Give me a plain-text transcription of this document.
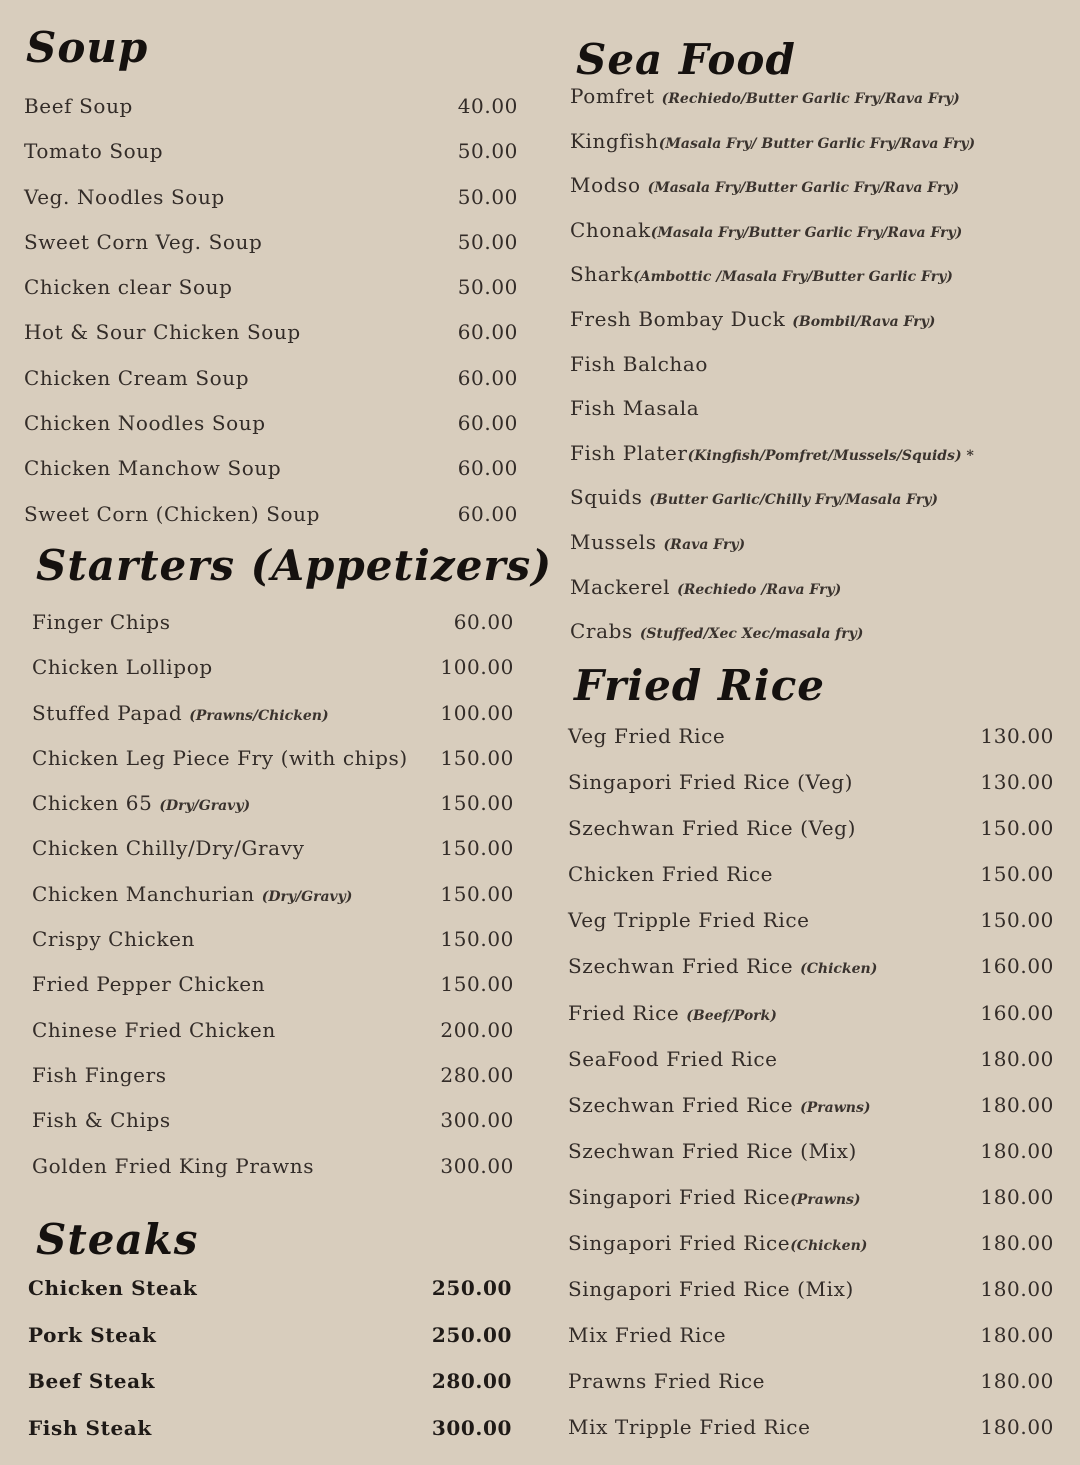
Soup
Beef Soup	40.00
Tomato Soup	50.00
Veg. Noodles Soup	50.00
Sweet Corn Veg. Soup	50.00
Chicken clear Soup	50.00
Hot & Sour Chicken Soup	60.00
Chicken Cream Soup	60.00
Chicken Noodles Soup	60.00
Chicken Manchow Soup	60.00
Sweet Corn (Chicken) Soup	60.00
Starters (Appetizers)
Finger Chips	60.00
Chicken Lollipop	100.00
Stuffed Papad (Prawns/Chicken)	100.00
Chicken Leg Piece Fry (with chips) 150.00
Chicken 65 (Dry/Gravy)	150.00
Chicken Chilly/Dry/Gravy	150.00
Chicken Manchurian (Dry/Gravy)	150.00
Crispy Chicken	150.00
Fried Pepper Chicken	150.00
Chinese Fried Chicken	200.00
Fish Fingers	280.00
Fish & Chips	300.00
Golden Fried King Prawns	300.00
Steaks
Chicken Steak	250.00
Pork Steak	250.00
Beef Steak	280.00
Fish Steak	300.00
Sea Food
Pomfret (Rechiedo/Butter Garlic Fry/Rava Fry)
Kingfish(Masala Fry/ Butter Garlic Fry/Rava Fry)
Modso (Masala Fry/Butter Garlic Fry/Rava Fry)
Chonak(Masala Fry/Butter Garlic Fry/Rava Fry)
Shark(Ambottic /Masala Fry/Butter Garlic Fry)
Fresh Bombay Duck (Bombil/Rava Fry)
Fish Balchao
Fish Masala
Fish Plater(Kingfish/Pomfret/Mussels/Squids) *
Squids (Butter Garlic/Chilly Fry/Masala Fry)
Mussels (Rava Fry)
Mackerel (Rechiedo /Rava Fry)
Crabs (Stuffed/Xec Xec/masala fry)
Fried Rice
Veg Fried Rice	130.00
Singapori Fried Rice (Veg)	130.00
Szechwan Fried Rice (Veg)	150.00
Chicken Fried Rice	150.00
Veg Tripple Fried Rice	150.00
Szechwan Fried Rice (Chicken)	160.00
Fried Rice (Beef/Pork)	160.00
SeaFood Fried Rice	180.00
Szechwan Fried Rice (Prawns)	180.00
Szechwan Fried Rice (Mix)	180.00
Singapori Fried Rice(Prawns)	180.00
Singapori Fried Rice(Chicken)	180.00
Singapori Fried Rice (Mix)	180.00
Mix Fried Rice	180.00
Prawns Fried Rice	180.00
Mix Tripple Fried Rice	180.00
